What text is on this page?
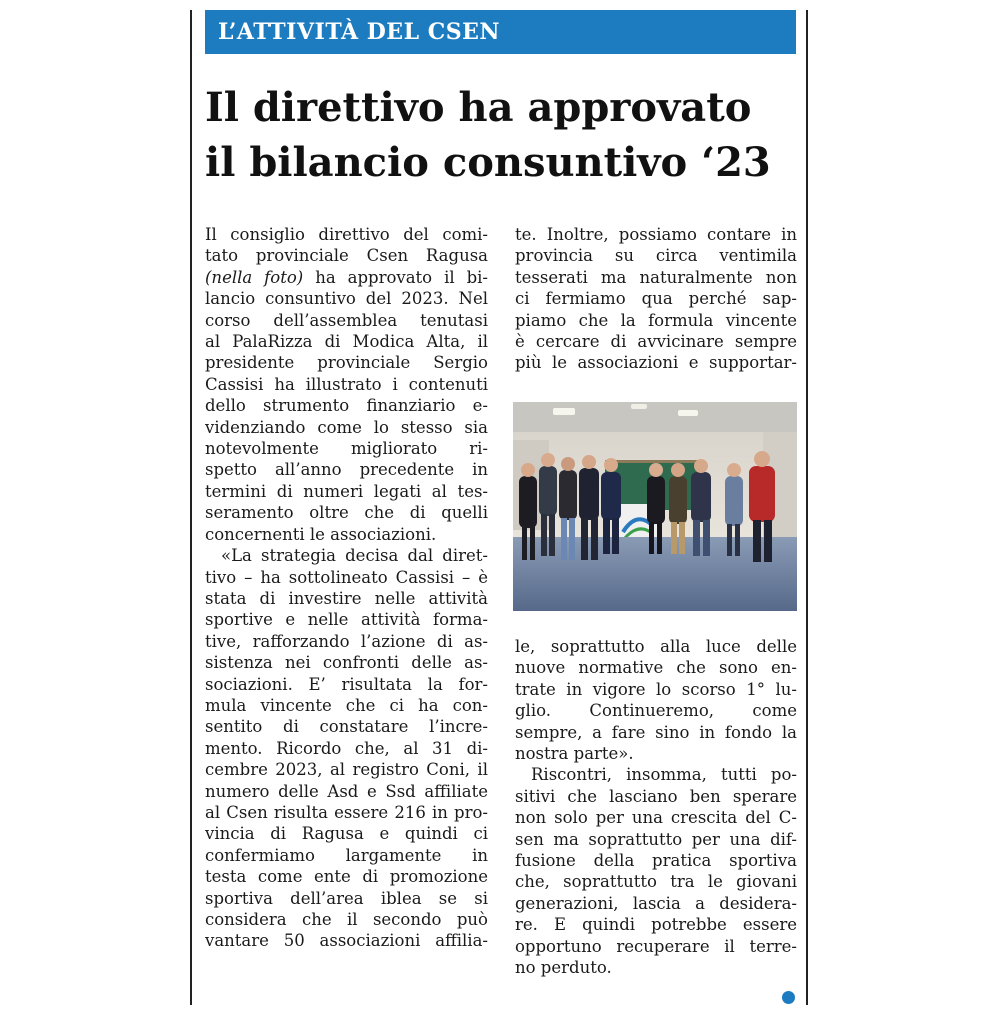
L’ATTIVITÀ DEL CSEN
Il direttivo ha approvato
il bilancio consuntivo ‘23
Il consiglio direttivo del comi-
tato provinciale Csen Ragusa
(nella foto) ha approvato il bi-
lancio consuntivo del 2023. Nel
corso dell’assemblea tenutasi
al PalaRizza di Modica Alta, il
presidente provinciale Sergio
Cassisi ha illustrato i contenuti
dello strumento finanziario e-
videnziando come lo stesso sia
notevolmente migliorato ri-
spetto all’anno precedente in
termini di numeri legati al tes-
seramento oltre che di quelli
concernenti le associazioni.
«La strategia decisa dal diret-
tivo – ha sottolineato Cassisi – è
stata di investire nelle attività
sportive e nelle attività forma-
tive, rafforzando l’azione di as-
sistenza nei confronti delle as-
sociazioni. E’ risultata la for-
mula vincente che ci ha con-
sentito di constatare l’incre-
mento. Ricordo che, al 31 di-
cembre 2023, al registro Coni, il
numero delle Asd e Ssd affiliate
al Csen risulta essere 216 in pro-
vincia di Ragusa e quindi ci
confermiamo largamente in
testa come ente di promozione
sportiva dell’area iblea se si
considera che il secondo può
vantare 50 associazioni affilia-
te. Inoltre, possiamo contare in
provincia su circa ventimila
tesserati ma naturalmente non
ci fermiamo qua perché sap-
piamo che la formula vincente
è cercare di avvicinare sempre
più le associazioni e supportar-
le, soprattutto alla luce delle
nuove normative che sono en-
trate in vigore lo scorso 1° lu-
glio. Continueremo, come
sempre, a fare sino in fondo la
nostra parte».
Riscontri, insomma, tutti po-
sitivi che lasciano ben sperare
non solo per una crescita del C-
sen ma soprattutto per una dif-
fusione della pratica sportiva
che, soprattutto tra le giovani
generazioni, lascia a desidera-
re. E quindi potrebbe essere
opportuno recuperare il terre-
no perduto.
